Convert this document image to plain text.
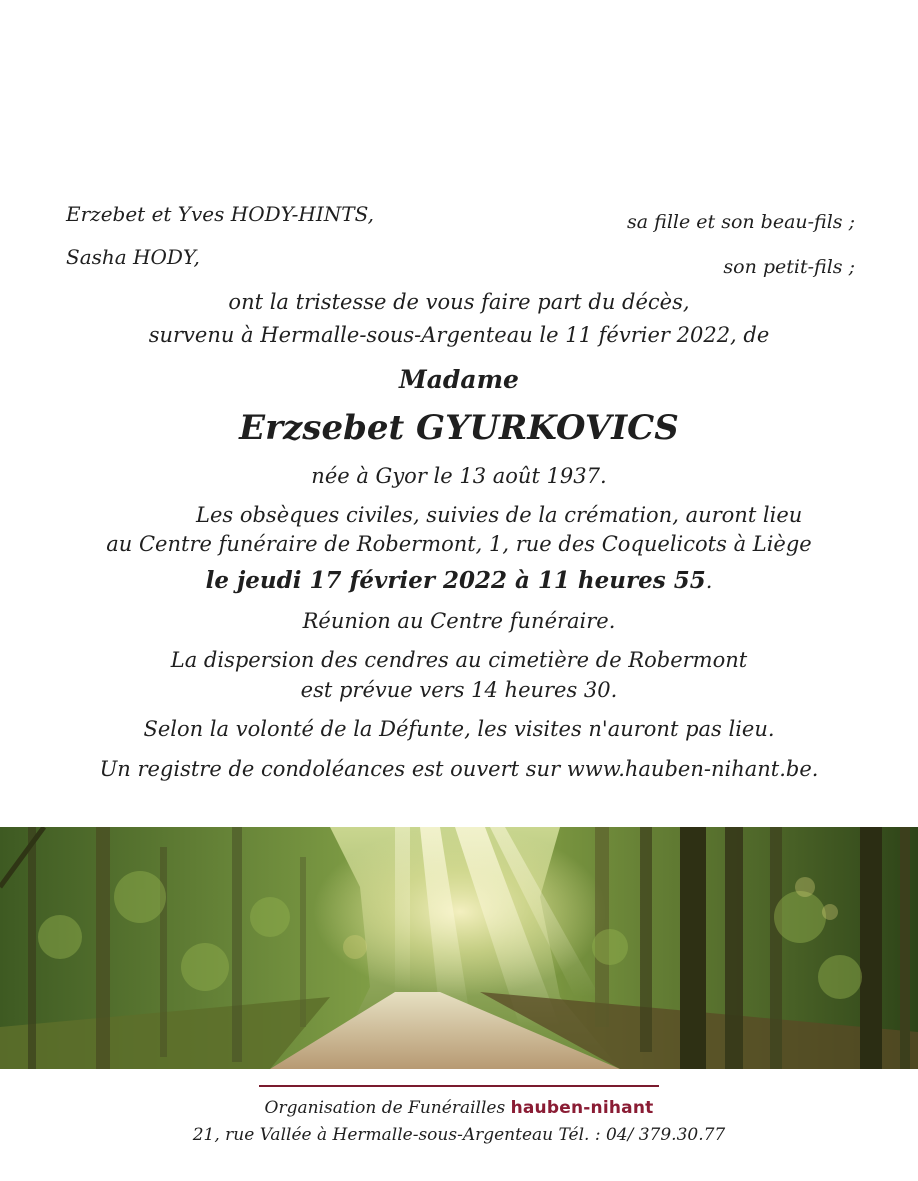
Erzebet et Yves HODY-HINTS,	sa fille et son beau-fils ;
Sasha HODY,	son petit-fils ;
ont la tristesse de vous faire part du décès,
survenu à Hermalle-sous-Argenteau le 11 février 2022, de
Madame
Erzsebet GYURKOVICS
née à Gyor le 13 août 1937.
Les obsèques civiles, suivies de la crémation, auront lieu
au Centre funéraire de Robermont, 1, rue des Coquelicots à Liège
le jeudi 17 février 2022 à 11 heures 55.
Réunion au Centre funéraire.
La dispersion des cendres au cimetière de Robermont
est prévue vers 14 heures 30.
Selon la volonté de la Défunte, les visites n'auront pas lieu.
Un registre de condoléances est ouvert sur www.hauben-nihant.be.
Organisation de Funérailles hauben-nihant
21, rue Vallée à Hermalle-sous-Argenteau Tél. : 04/ 379.30.77
